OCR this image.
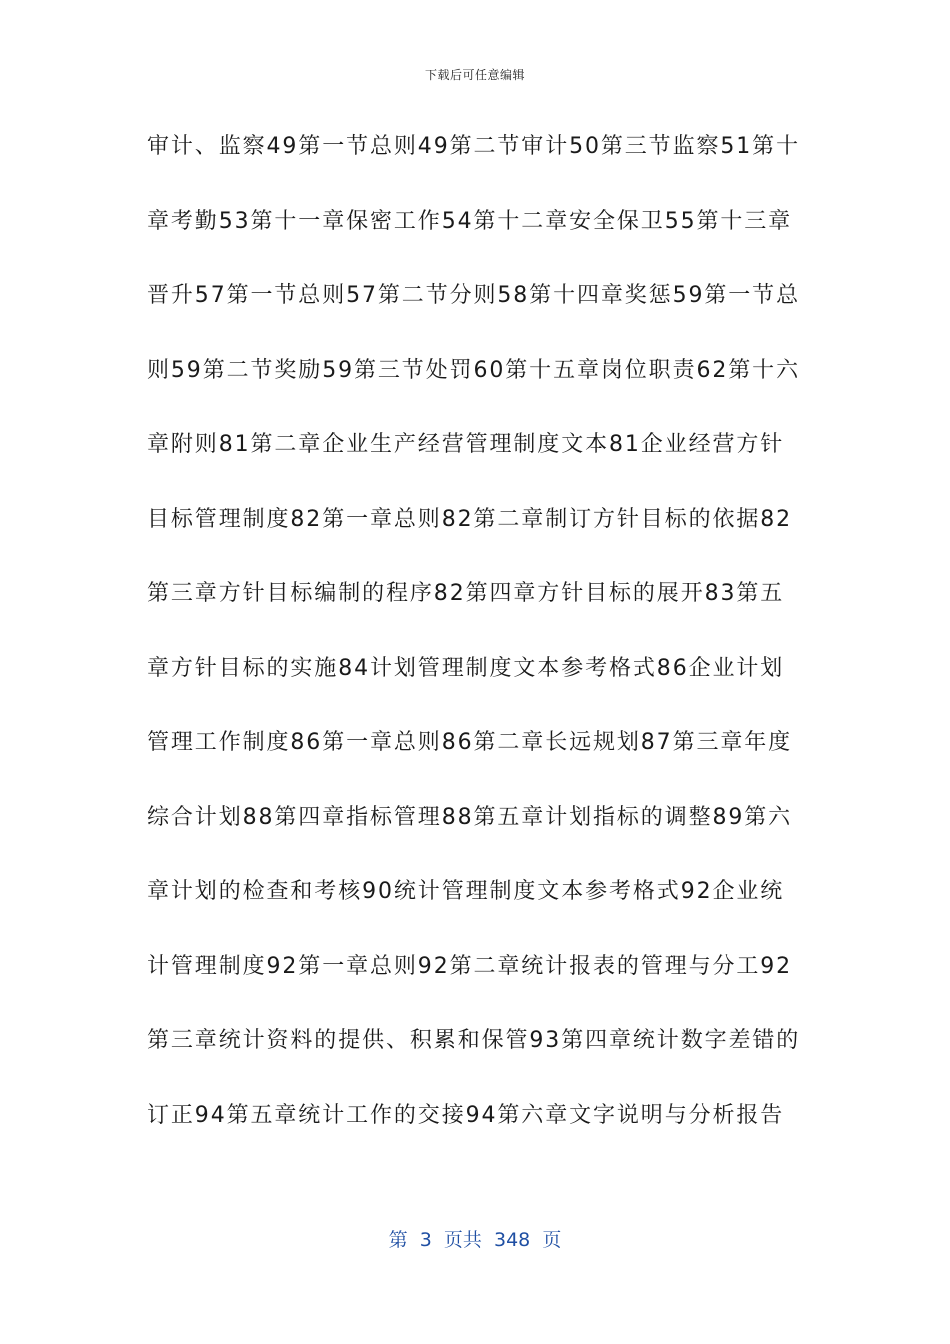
下载后可任意编辑
审计、监察49第一节总则49第二节审计50第三节监察51第十
章考勤53第十一章保密工作54第十二章安全保卫55第十三章
晋升57第一节总则57第二节分则58第十四章奖惩59第一节总
则59第二节奖励59第三节处罚60第十五章岗位职责62第十六
章附则81第二章企业生产经营管理制度文本81企业经营方针
目标管理制度82第一章总则82第二章制订方针目标的依据82
第三章方针目标编制的程序82第四章方针目标的展开83第五
章方针目标的实施84计划管理制度文本参考格式86企业计划
管理工作制度86第一章总则86第二章长远规划87第三章年度
综合计划88第四章指标管理88第五章计划指标的调整89第六
章计划的检查和考核90统计管理制度文本参考格式92企业统
计管理制度92第一章总则92第二章统计报表的管理与分工92
第三章统计资料的提供、积累和保管93第四章统计数字差错的
订正94第五章统计工作的交接94第六章文字说明与分析报告
第  3  页共  348  页
